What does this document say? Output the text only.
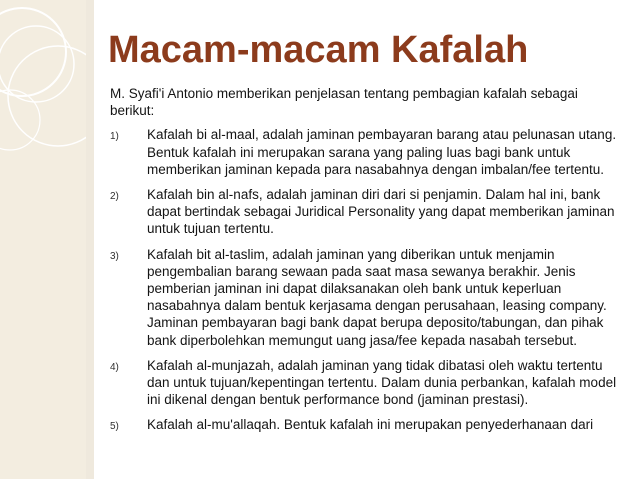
Macam-macam Kafalah

M. Syafi'i Antonio memberikan penjelasan tentang pembagian kafalah sebagai berikut:

1)	Kafalah bi al-maal, adalah jaminan pembayaran barang atau pelunasan utang. Bentuk kafalah ini merupakan sarana yang paling luas bagi bank untuk memberikan jaminan kepada para nasabahnya dengan imbalan/fee tertentu.
2)	Kafalah bin al-nafs, adalah jaminan diri dari si penjamin. Dalam hal ini, bank dapat bertindak sebagai Juridical Personality yang dapat memberikan jaminan untuk tujuan tertentu.
3)	Kafalah bit al-taslim, adalah jaminan yang diberikan untuk menjamin pengembalian barang sewaan pada saat masa sewanya berakhir. Jenis pemberian jaminan ini dapat dilaksanakan oleh bank untuk keperluan nasabahnya dalam bentuk kerjasama dengan perusahaan, leasing company. Jaminan pembayaran bagi bank dapat berupa deposito/tabungan, dan pihak bank diperbolehkan memungut uang jasa/fee kepada nasabah tersebut.
4)	Kafalah al-munjazah, adalah jaminan yang tidak dibatasi oleh waktu tertentu dan untuk tujuan/kepentingan tertentu. Dalam dunia perbankan, kafalah model ini dikenal dengan bentuk performance bond (jaminan prestasi).
5)	Kafalah al-mu'allaqah. Bentuk kafalah ini merupakan penyederhanaan dari
